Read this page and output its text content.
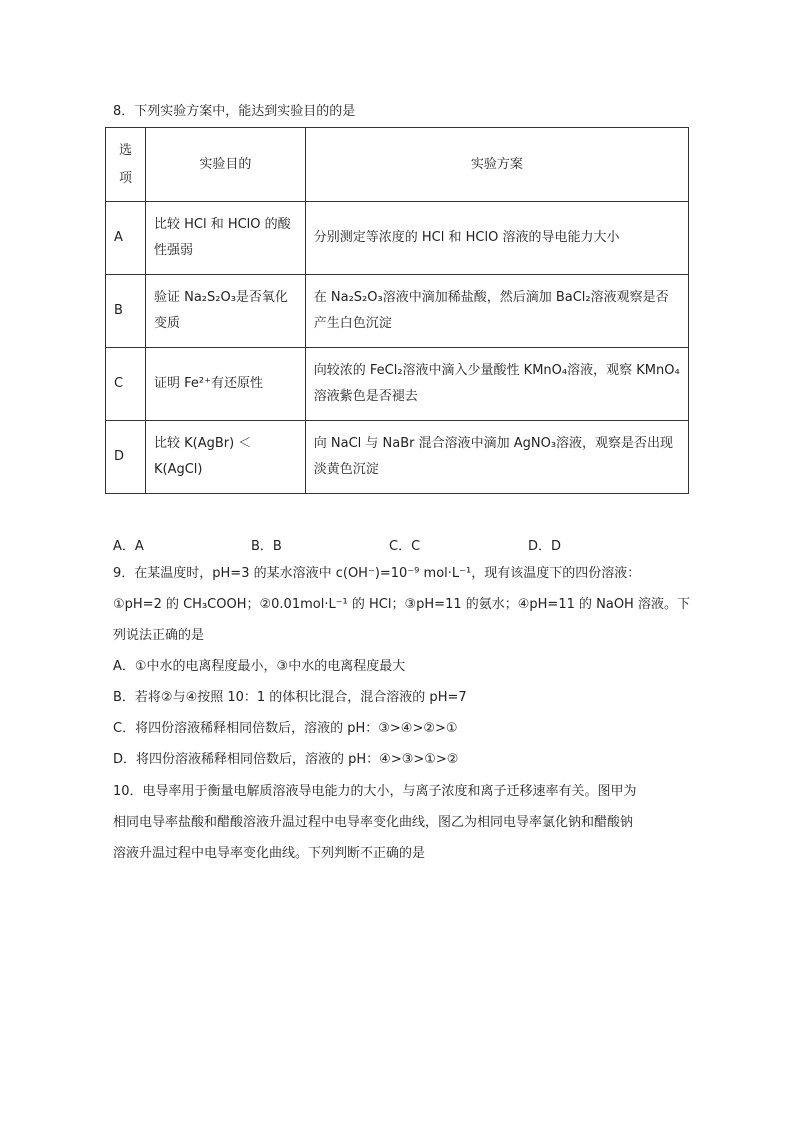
8．下列实验方案中，能达到实验目的的是
选项	实验目的	实验方案
A	比较 HCl 和 HClO 的酸性强弱	分别测定等浓度的 HCl 和 HClO 溶液的导电能力大小
B	验证 Na₂S₂O₃是否氧化变质	在 Na₂S₂O₃溶液中滴加稀盐酸，然后滴加 BaCl₂溶液观察是否产生白色沉淀
C	证明 Fe²⁺有还原性	向较浓的 FeCl₂溶液中滴入少量酸性 KMnO₄溶液，观察 KMnO₄溶液紫色是否褪去
D	比较 K(AgBr) ＜K(AgCl)	向 NaCl 与 NaBr 混合溶液中滴加 AgNO₃溶液，观察是否出现淡黄色沉淀
A．A	B．B	C．C	D．D
9．在某温度时，pH=3 的某水溶液中 c(OH⁻)=10⁻⁹ mol·L⁻¹，现有该温度下的四份溶液：
①pH=2 的 CH₃COOH；②0.01mol·L⁻¹ 的 HCl；③pH=11 的氨水；④pH=11 的 NaOH 溶液。下
列说法正确的是
A．①中水的电离程度最小，③中水的电离程度最大
B．若将②与④按照 10：1 的体积比混合，混合溶液的 pH=7
C．将四份溶液稀释相同倍数后，溶液的 pH：③>④>②>①
D．将四份溶液稀释相同倍数后，溶液的 pH：④>③>①>②
10．电导率用于衡量电解质溶液导电能力的大小，与离子浓度和离子迁移速率有关。图甲为
相同电导率盐酸和醋酸溶液升温过程中电导率变化曲线，图乙为相同电导率氯化钠和醋酸钠
溶液升温过程中电导率变化曲线。下列判断不正确的是
